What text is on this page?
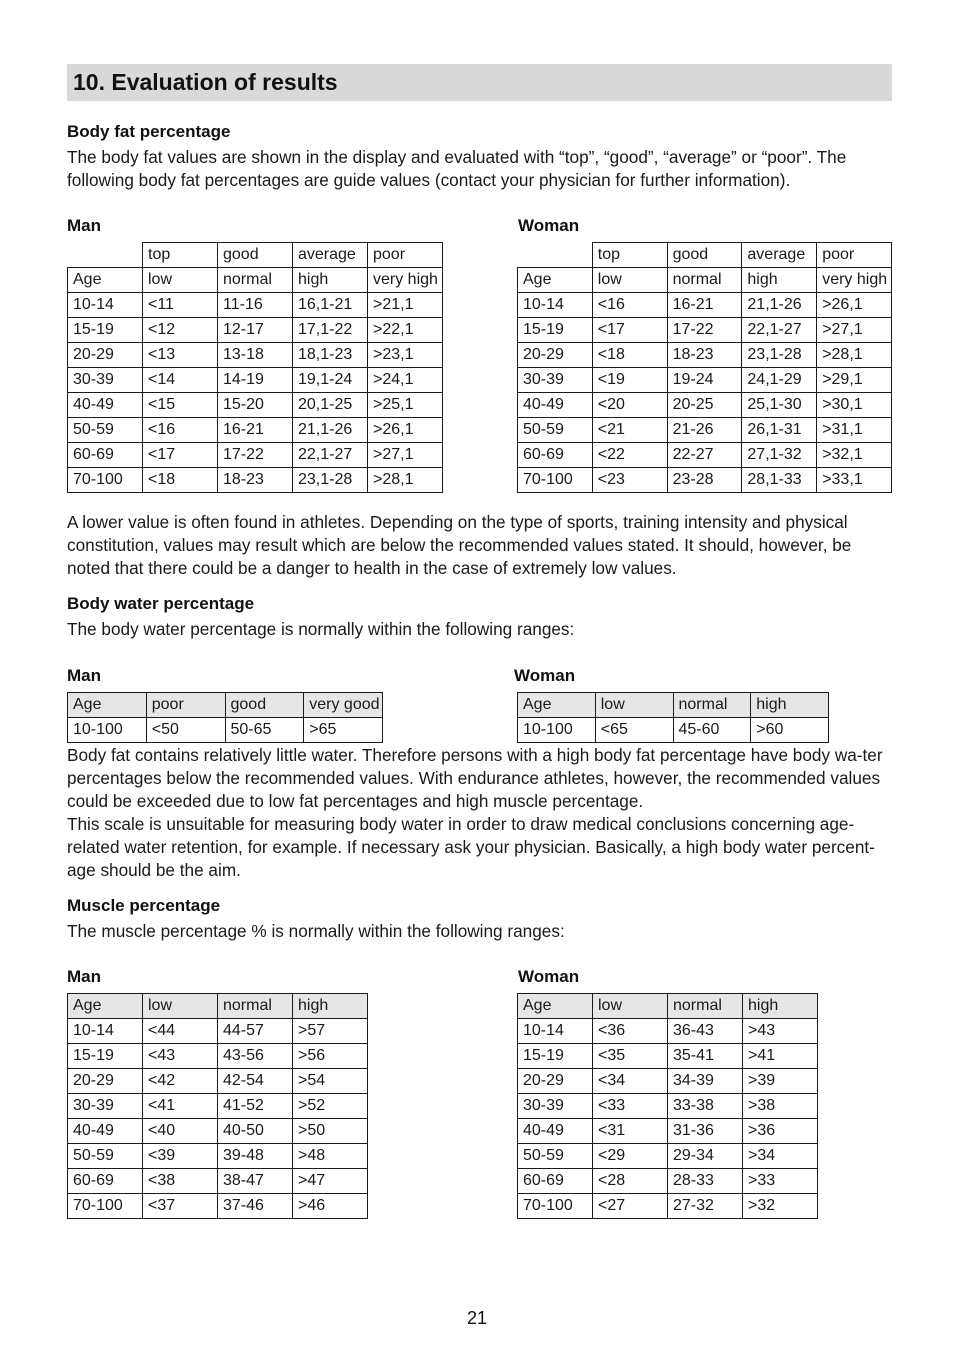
10. Evaluation of results
Body fat percentage

The body fat values are shown in the display and evaluated with “top”, “good”, “average” or “poor”. The following body fat percentages are guide values (contact your physician for further information).

Man	Woman
	top	good	average	poor
Age	low	normal	high	very high
10-14	<11	11-16	16,1-21	>21,1
15-19	<12	12-17	17,1-22	>22,1
20-29	<13	13-18	18,1-23	>23,1
30-39	<14	14-19	19,1-24	>24,1
40-49	<15	15-20	20,1-25	>25,1
50-59	<16	16-21	21,1-26	>26,1
60-69	<17	17-22	22,1-27	>27,1
70-100	<18	18-23	23,1-28	>28,1
	top	good	average	poor
Age	low	normal	high	very high
10-14	<16	16-21	21,1-26	>26,1
15-19	<17	17-22	22,1-27	>27,1
20-29	<18	18-23	23,1-28	>28,1
30-39	<19	19-24	24,1-29	>29,1
40-49	<20	20-25	25,1-30	>30,1
50-59	<21	21-26	26,1-31	>31,1
60-69	<22	22-27	27,1-32	>32,1
70-100	<23	23-28	28,1-33	>33,1

A lower value is often found in athletes. Depending on the type of sports, training intensity and physical constitution, values may result which are below the recommended values stated. It should, however, be noted that there could be a danger to health in the case of extremely low values.

Body water percentage

The body water percentage is normally within the following ranges:

Man	Woman
Age	poor	good	very good
10-100	<50	50-65	>65
Age	low	normal	high
10-100	<65	45-60	>60

Body fat contains relatively little water. Therefore persons with a high body fat percentage have body wa-ter percentages below the recommended values. With endurance athletes, however, the recommended values could be exceeded due to low fat percentages and high muscle percentage.

This scale is unsuitable for measuring body water in order to draw medical conclusions concerning age-related water retention, for example. If necessary ask your physician. Basically, a high body water percent-age should be the aim.

Muscle percentage

The muscle percentage % is normally within the following ranges:

Man	Woman
Age	low	normal	high
10-14	<44	44-57	>57
15-19	<43	43-56	>56
20-29	<42	42-54	>54
30-39	<41	41-52	>52
40-49	<40	40-50	>50
50-59	<39	39-48	>48
60-69	<38	38-47	>47
70-100	<37	37-46	>46
Age	low	normal	high
10-14	<36	36-43	>43
15-19	<35	35-41	>41
20-29	<34	34-39	>39
30-39	<33	33-38	>38
40-49	<31	31-36	>36
50-59	<29	29-34	>34
60-69	<28	28-33	>33
70-100	<27	27-32	>32
21
